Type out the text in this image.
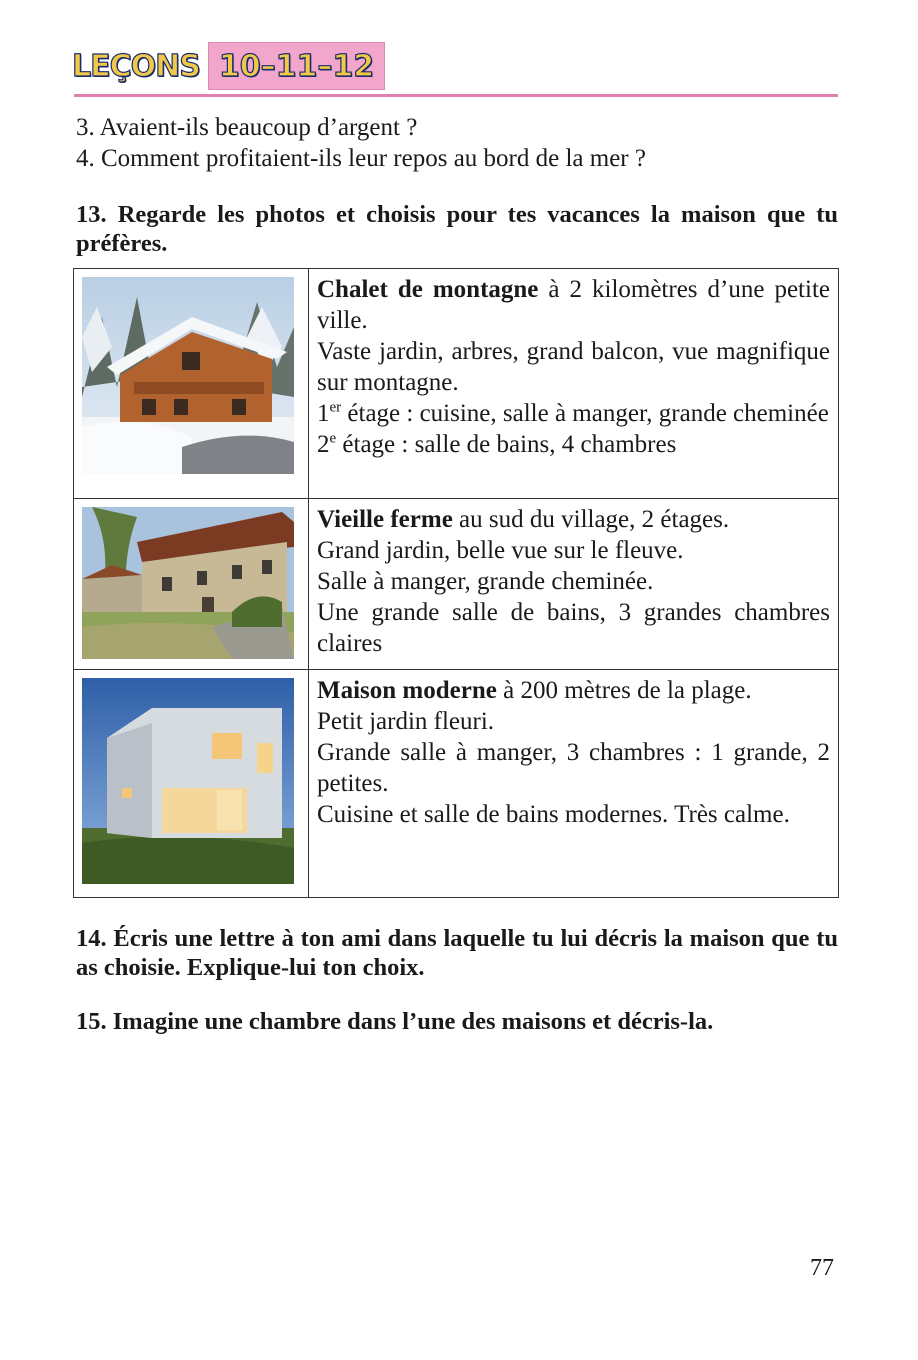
LEÇONS 10–11–12
3. Avaient-ils beaucoup d’argent ?
4. Comment profitaient-ils leur repos au bord de la mer ?
13. Regarde les photos et choisis pour tes vacances la maison que tu préfères.

Chalet de montagne à 2 kilomètres d’une petite ville.
Vaste jardin, arbres, grand balcon, vue magnifique sur montagne.
1er étage : cuisine, salle à manger, grande cheminée
2e étage : salle de bains, 4 chambres

Vieille ferme au sud du village, 2 étages.
Grand jardin, belle vue sur le fleuve.
Salle à manger, grande cheminée.
Une grande salle de bains, 3 grandes chambres claires

Maison moderne à 200 mètres de la plage.
Petit jardin fleuri.
Grande salle à manger, 3 chambres : 1 grande, 2 petites.
Cuisine et salle de bains modernes. Très calme.
14. Écris une lettre à ton ami dans laquelle tu lui décris la maison que tu as choisie. Explique-lui ton choix.
15. Imagine une chambre dans l’une des maisons et décris-la.
77
